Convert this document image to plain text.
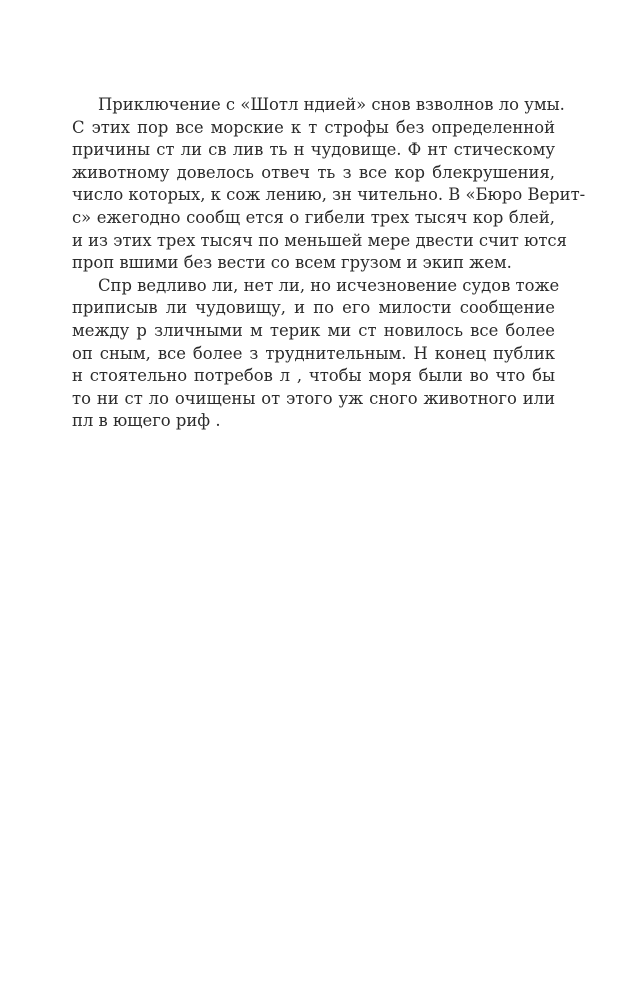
Приключение с «Шотл ндией» снов взволнов ло умы.
С этих пор все морские к т строфы без определенной
причины ст ли св лив ть н чудовище. Ф нт стическому
животному довелось отвеч ть з все кор блекрушения,
число которых, к сож лению, зн чительно. В «Бюро Верит-
с» ежегодно сообщ ется о гибели трех тысяч кор блей,
и из этих трех тысяч по меньшей мере двести счит ются
проп вшими без вести со всем грузом и экип жем.
Спр ведливо ли, нет ли, но исчезновение судов тоже
приписыв ли чудовищу, и по его милости сообщение
между р зличными м терик ми ст новилось все более
оп сным, все более з труднительным. Н конец публик
н стоятельно потребов л , чтобы моря были во что бы
то ни ст ло очищены от этого уж сного животного или
пл в ющего риф .
